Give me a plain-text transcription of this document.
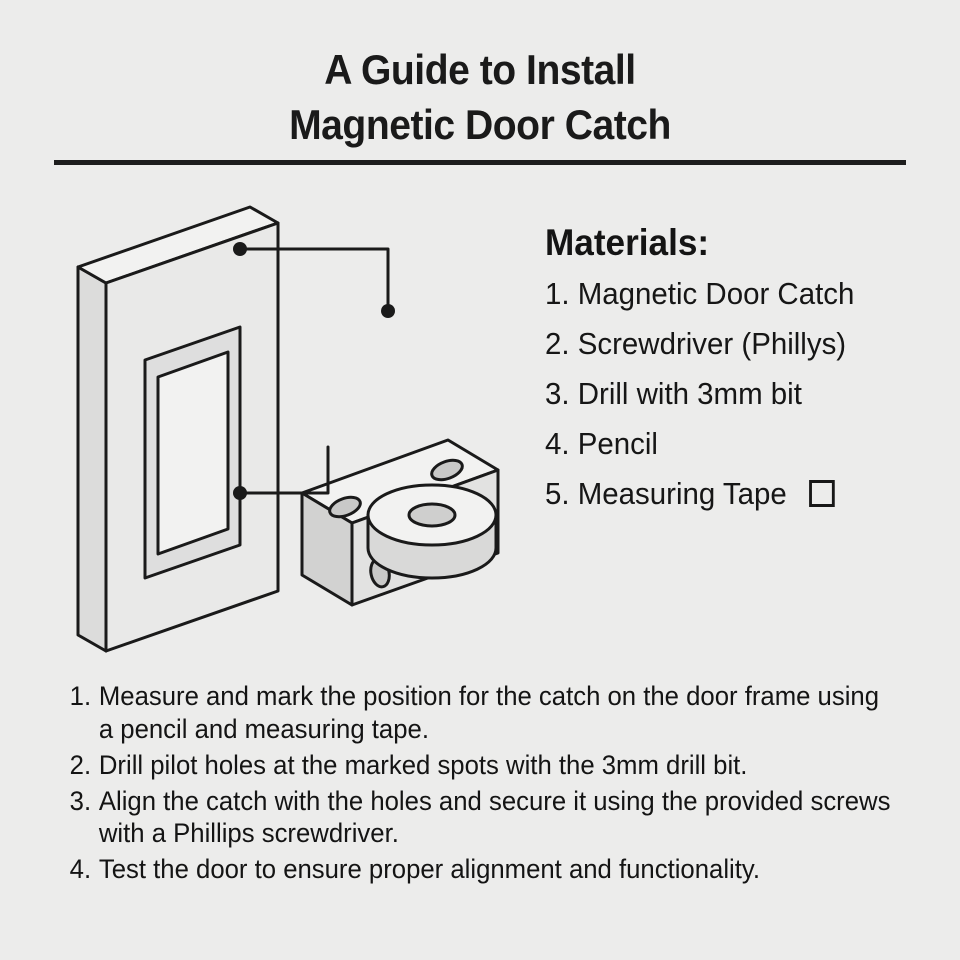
A Guide to Install
Magnetic Door Catch
Materials:
1. Magnetic Door Catch
2. Screwdriver (Phillys)
3. Drill with 3mm bit
4. Pencil
5. Measuring Tape
1. Measure and mark the position for the catch on the door frame using a pencil and measuring tape.
2. Drill pilot holes at the marked spots with the 3mm drill bit.
3. Align the catch with the holes and secure it using the provided screws with a Phillips screwdriver.
4. Test the door to ensure proper alignment and functionality.
